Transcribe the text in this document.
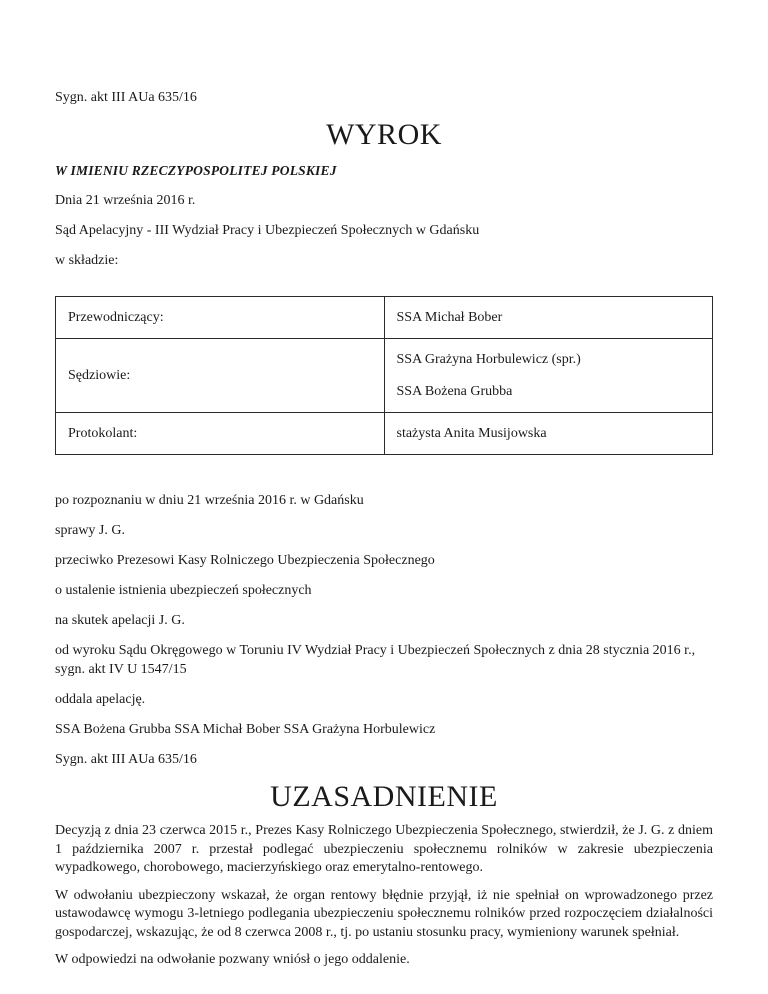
Sygn. akt III AUa 635/16

WYROK

W IMIENIU RZECZYPOSPOLITEJ POLSKIEJ

Dnia 21 września 2016 r.

Sąd Apelacyjny - III Wydział Pracy i Ubezpieczeń Społecznych w Gdańsku

w składzie:

Przewodniczący:	SSA Michał Bober

Sędziowie:	SSA Grażyna Horbulewicz (spr.)

SSA Bożena Grubba

Protokolant:	stażysta Anita Musijowska

po rozpoznaniu w dniu 21 września 2016 r. w Gdańsku

sprawy J. G.

przeciwko Prezesowi Kasy Rolniczego Ubezpieczenia Społecznego

o ustalenie istnienia ubezpieczeń społecznych

na skutek apelacji J. G.

od wyroku Sądu Okręgowego w Toruniu IV Wydział Pracy i Ubezpieczeń Społecznych z dnia 28 stycznia 2016 r., sygn. akt IV U 1547/15

oddala apelację.

SSA Bożena Grubba SSA Michał Bober SSA Grażyna Horbulewicz

Sygn. akt III AUa 635/16

UZASADNIENIE

Decyzją z dnia 23 czerwca 2015 r., Prezes Kasy Rolniczego Ubezpieczenia Społecznego, stwierdził, że J. G. z dniem 1 października 2007 r. przestał podlegać ubezpieczeniu społecznemu rolników w zakresie ubezpieczenia wypadkowego, chorobowego, macierzyńskiego oraz emerytalno-rentowego.

W odwołaniu ubezpieczony wskazał, że organ rentowy błędnie przyjął, iż nie spełniał on wprowadzonego przez ustawodawcę wymogu 3-letniego podlegania ubezpieczeniu społecznemu rolników przed rozpoczęciem działalności gospodarczej, wskazując, że od 8 czerwca 2008 r., tj. po ustaniu stosunku pracy, wymieniony warunek spełniał.

W odpowiedzi na odwołanie pozwany wniósł o jego oddalenie.
